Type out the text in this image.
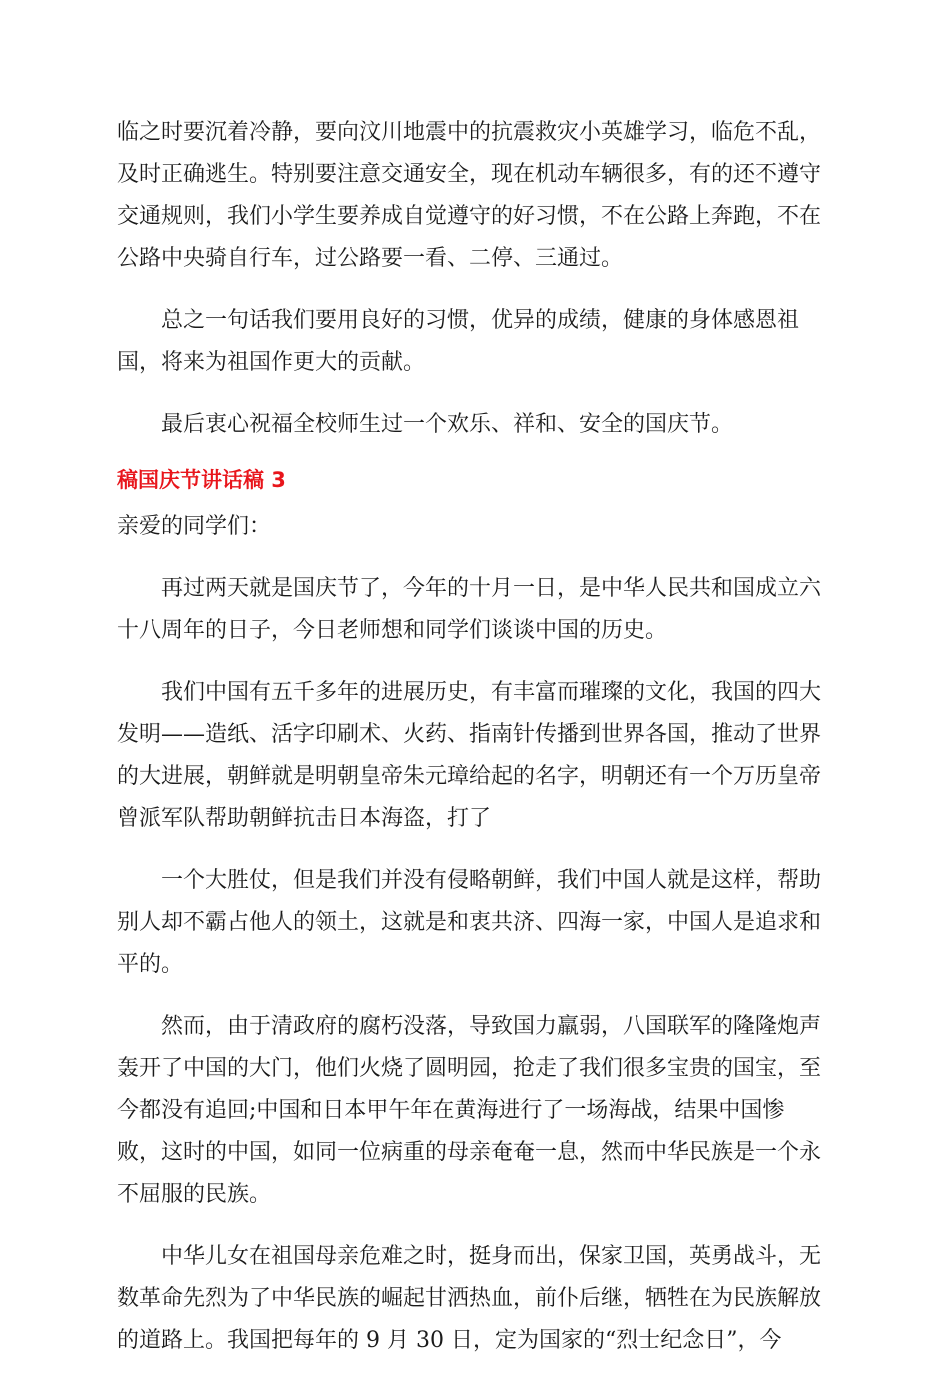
临之时要沉着冷静，要向汶川地震中的抗震救灾小英雄学习，临危不乱，
及时正确逃生。特别要注意交通安全，现在机动车辆很多，有的还不遵守
交通规则，我们小学生要养成自觉遵守的好习惯，不在公路上奔跑，不在
公路中央骑自行车，过公路要一看、二停、三通过。

总之一句话我们要用良好的习惯，优异的成绩，健康的身体感恩祖
国，将来为祖国作更大的贡献。

最后衷心祝福全校师生过一个欢乐、祥和、安全的国庆节。

稿国庆节讲话稿 3

亲爱的同学们：

再过两天就是国庆节了，今年的十月一日，是中华人民共和国成立六
十八周年的日子，今日老师想和同学们谈谈中国的历史。

我们中国有五千多年的进展历史，有丰富而璀璨的文化，我国的四大
发明——造纸、活字印刷术、火药、指南针传播到世界各国，推动了世界
的大进展，朝鲜就是明朝皇帝朱元璋给起的名字，明朝还有一个万历皇帝
曾派军队帮助朝鲜抗击日本海盗，打了

一个大胜仗，但是我们并没有侵略朝鲜，我们中国人就是这样，帮助
别人却不霸占他人的领土，这就是和衷共济、四海一家，中国人是追求和
平的。

然而，由于清政府的腐朽没落，导致国力羸弱，八国联军的隆隆炮声
轰开了中国的大门，他们火烧了圆明园，抢走了我们很多宝贵的国宝，至
今都没有追回;中国和日本甲午年在黄海进行了一场海战，结果中国惨
败，这时的中国，如同一位病重的母亲奄奄一息，然而中华民族是一个永
不屈服的民族。

中华儿女在祖国母亲危难之时，挺身而出，保家卫国，英勇战斗，无
数革命先烈为了中华民族的崛起甘洒热血，前仆后继，牺牲在为民族解放
的道路上。我国把每年的 9 月 30 日，定为国家的“烈士纪念日”，今
